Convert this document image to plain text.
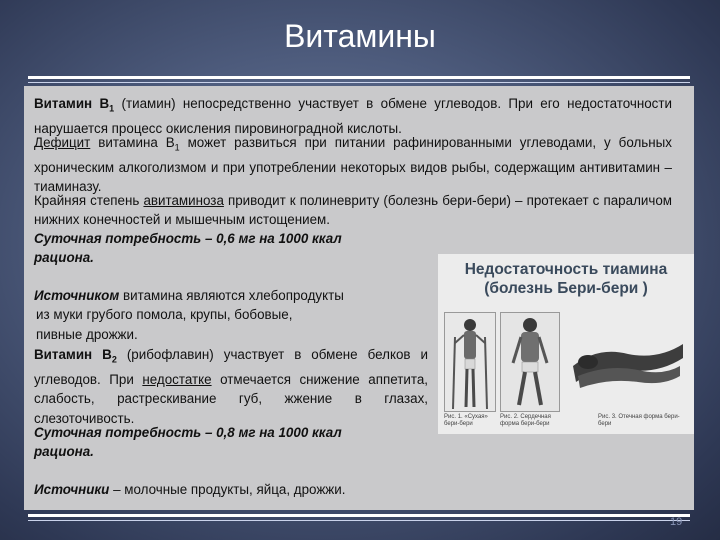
Витамины
Витамин $В_1$ (тиамин) непосредственно участвует в обмене углеводов. При его недостаточности нарушается процесс окисления пировиноградной кислоты.
Дефицит витамина $В_1$ может развиться при питании рафинированными углеводами, у больных хроническим алкоголизмом и при употреблении некоторых видов рыбы, содержащим антивитамин – тиаминазу.
Крайняя степень авитаминоза приводит к полиневриту (болезнь бери-бери) – протекает с параличом нижних конечностей и мышечным истощением.
Суточная потребность – 0,6 мг на 1000 ккал
рациона.
Источником витамина являются хлебопродукты
из муки грубого помола, крупы, бобовые,
пивные дрожжи.
Витамин $В_2$ (рибофлавин) участвует в обмене белков и углеводов. При недостатке отмечается снижение аппетита, слабость, растрескивание губ, жжение в глазах, слезоточивость.
Суточная потребность – 0,8 мг на 1000 ккал
рациона.
Источники – молочные продукты, яйца, дрожжи.
Недостаточность тиамина
(болезнь Бери-бери )
Рис. 1. «Сухая» бери-бери
Рис. 2. Сердечная форма бери-бери
Рис. 3. Отечная форма бери-бери
19
